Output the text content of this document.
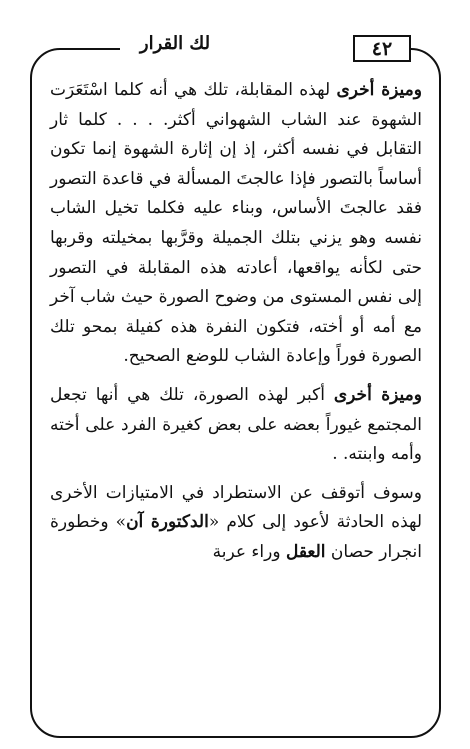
٤٢
لك القرار

وميزة أخرى لهذه المقابلة، تلك هي أنه كلما اسْتَعَرَت الشهوة عند الشاب الشهواني أكثر. . . . كلما ثار التقابل في نفسه أكثر، إذ إن إثارة الشهوة إنما تكون أساساً بالتصور فإذا عالجتَ المسألة في قاعدة التصور فقد عالجتَ الأساس، وبناء عليه فكلما تخيل الشاب نفسه وهو يزني بتلك الجميلة وقرَّبها بمخيلته وقربها حتى لكأنه يواقعها، أعادته هذه المقابلة في التصور إلى نفس المستوى من وضوح الصورة حيث شاب آخر مع أمه أو أخته، فتكون النفرة هذه كفيلة بمحو تلك الصورة فوراً وإعادة الشاب للوضع الصحيح.

وميزة أخرى أكبر لهذه الصورة، تلك هي أنها تجعل المجتمع غيوراً بعضه على بعض كغيرة الفرد على أخته وأمه وابنته. .

وسوف أتوقف عن الاستطراد في الامتيازات الأخرى لهذه الحادثة لأعود إلى كلام «الدكتورة آن» وخطورة انجرار حصان العقل وراء عربة
